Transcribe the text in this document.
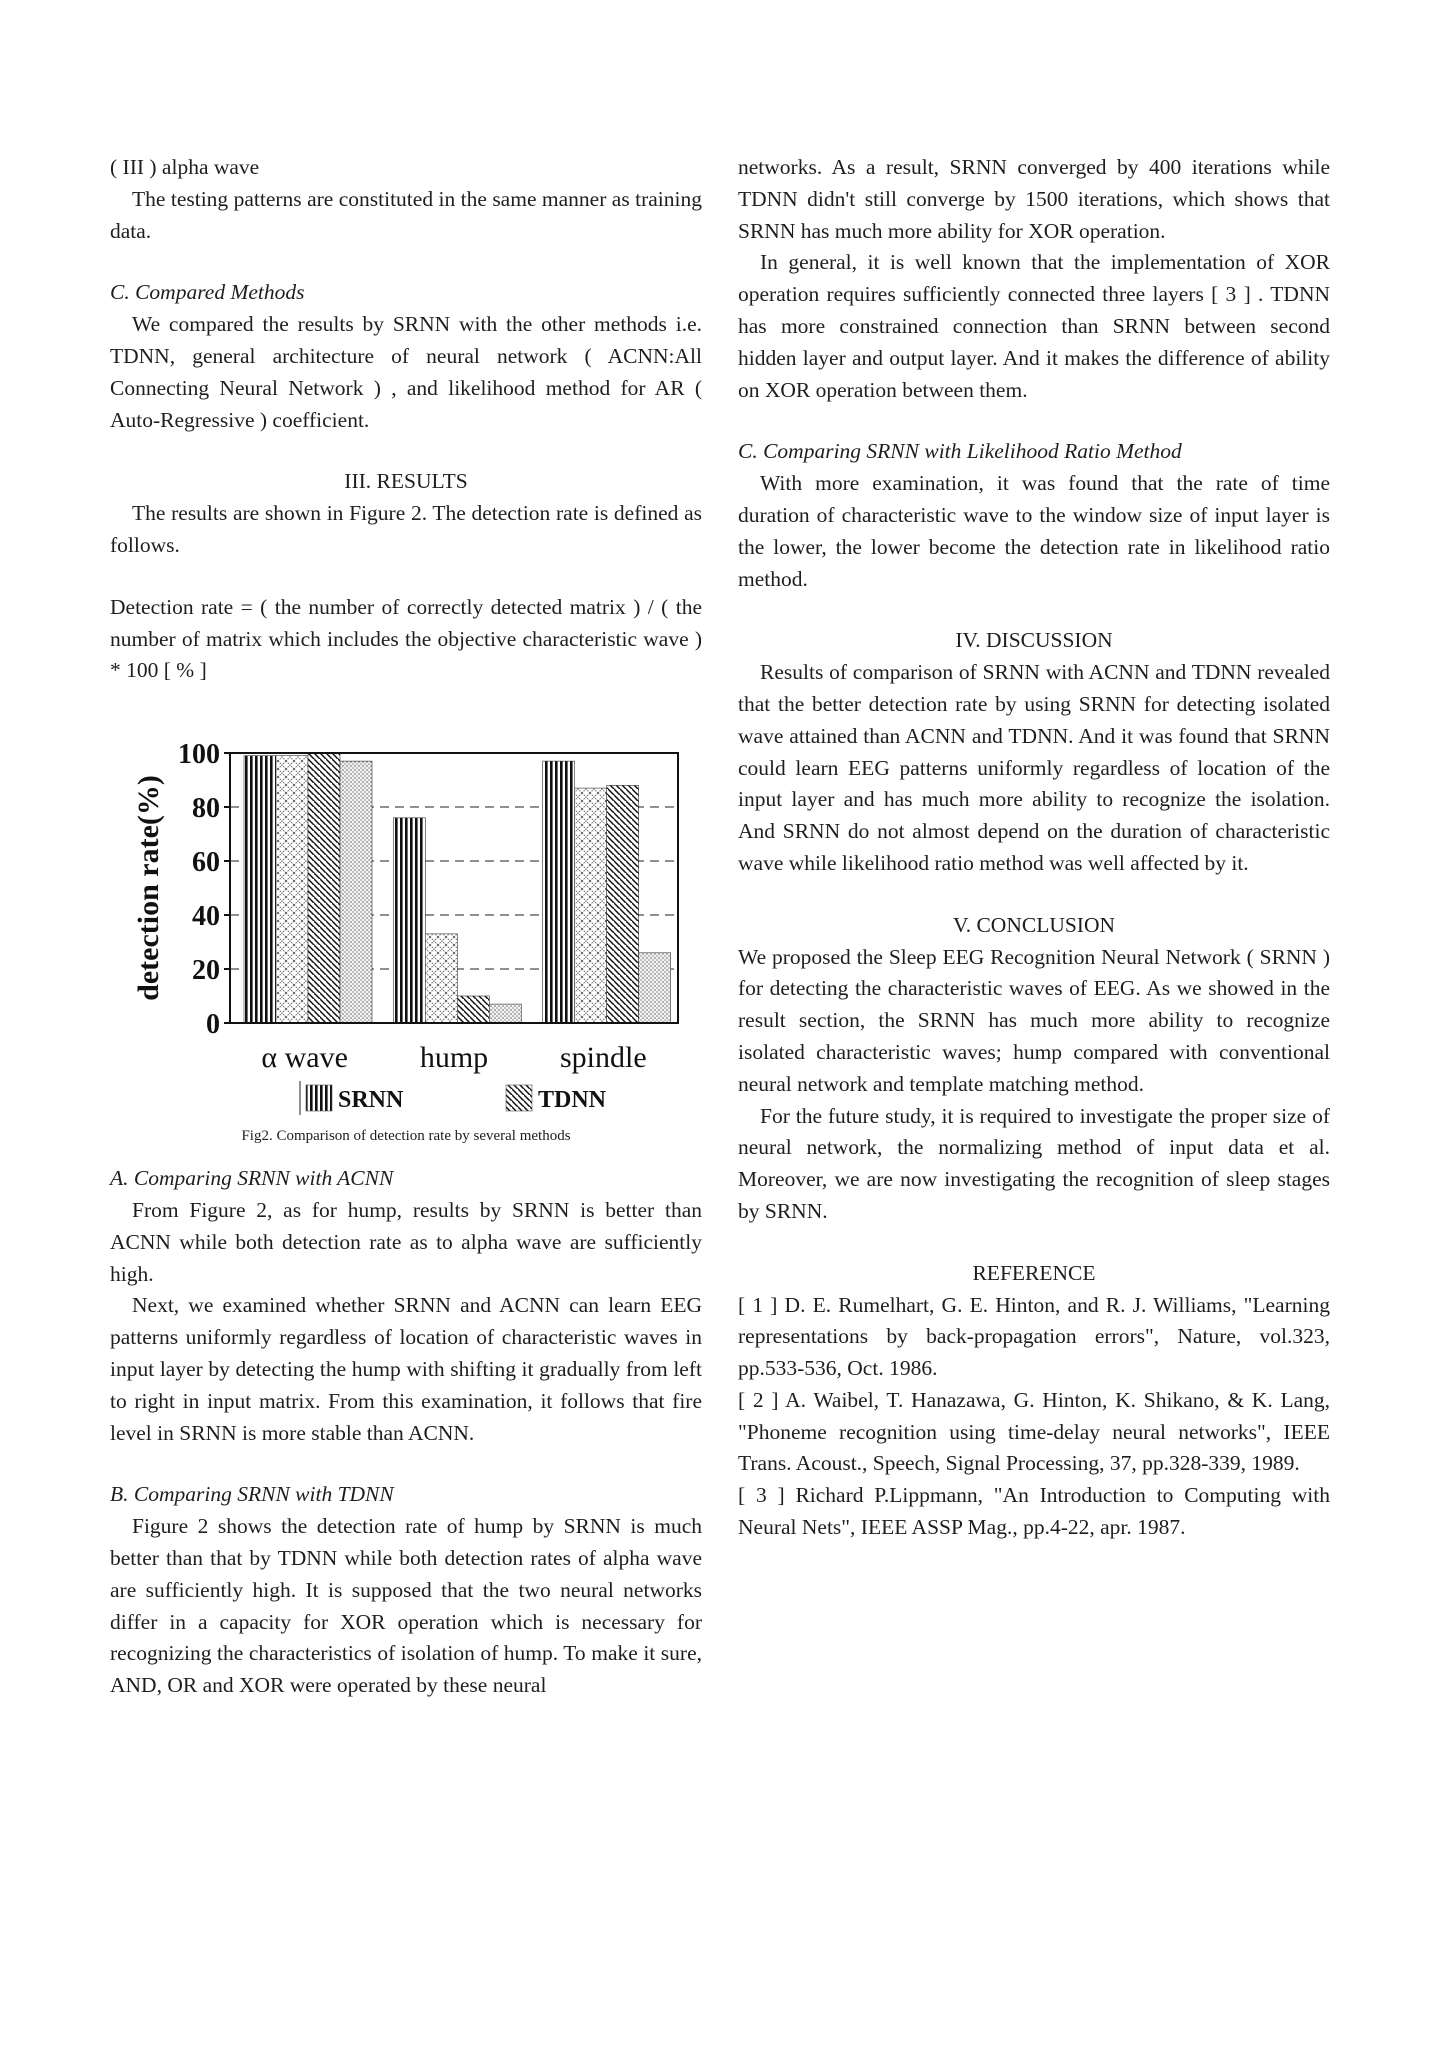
( III ) alpha wave

The testing patterns are constituted in the same manner as training data.

C. Compared Methods

We compared the results by SRNN with the other methods i.e. TDNN, general architecture of neural network ( ACNN:All Connecting Neural Network ) , and likelihood method for AR ( Auto-Regressive ) coefficient.

III. RESULTS

The results are shown in Figure 2. The detection rate is defined as follows.

Detection rate = ( the number of correctly detected matrix ) / ( the number of matrix which includes the objective characteristic wave ) * 100 [ % ]

α wave hump spindle
0
20
40
60
80
100
detection rate(%)
SRNN	TDNN

Fig2. Comparison of detection rate by several methods

A. Comparing SRNN with ACNN

From Figure 2, as for hump, results by SRNN is better than ACNN while both detection rate as to alpha wave are sufficiently high.

Next, we examined whether SRNN and ACNN can learn EEG patterns uniformly regardless of location of characteristic waves in input layer by detecting the hump with shifting it gradually from left to right in input matrix. From this examination, it follows that fire level in SRNN is more stable than ACNN.

B. Comparing SRNN with TDNN

Figure 2 shows the detection rate of hump by SRNN is much better than that by TDNN while both detection rates of alpha wave are sufficiently high. It is supposed that the two neural networks differ in a capacity for XOR operation which is necessary for recognizing the characteristics of isolation of hump. To make it sure, AND, OR and XOR were operated by these neural

networks. As a result, SRNN converged by 400 iterations while TDNN didn't still converge by 1500 iterations, which shows that SRNN has much more ability for XOR operation.

In general, it is well known that the implementation of XOR operation requires sufficiently connected three layers [ 3 ] . TDNN has more constrained connection than SRNN between second hidden layer and output layer. And it makes the difference of ability on XOR operation between them.

C. Comparing SRNN with Likelihood Ratio Method

With more examination, it was found that the rate of time duration of characteristic wave to the window size of input layer is the lower, the lower become the detection rate in likelihood ratio method.

IV. DISCUSSION

Results of comparison of SRNN with ACNN and TDNN revealed that the better detection rate by using SRNN for detecting isolated wave attained than ACNN and TDNN. And it was found that SRNN could learn EEG patterns uniformly regardless of location of the input layer and has much more ability to recognize the isolation. And SRNN do not almost depend on the duration of characteristic wave while likelihood ratio method was well affected by it.

V. CONCLUSION

We proposed the Sleep EEG Recognition Neural Network ( SRNN ) for detecting the characteristic waves of EEG. As we showed in the result section, the SRNN has much more ability to recognize isolated characteristic waves; hump compared with conventional neural network and template matching method.

For the future study, it is required to investigate the proper size of neural network, the normalizing method of input data et al. Moreover, we are now investigating the recognition of sleep stages by SRNN.

REFERENCE

[ 1 ] D. E. Rumelhart, G. E. Hinton, and R. J. Williams, "Learning representations by back-propagation errors", Nature, vol.323, pp.533-536, Oct. 1986.

[ 2 ] A. Waibel, T. Hanazawa, G. Hinton, K. Shikano, & K. Lang, "Phoneme recognition using time-delay neural networks", IEEE Trans. Acoust., Speech, Signal Processing, 37, pp.328-339, 1989.

[ 3 ] Richard P.Lippmann, "An Introduction to Computing with Neural Nets", IEEE ASSP Mag., pp.4-22, apr. 1987.
